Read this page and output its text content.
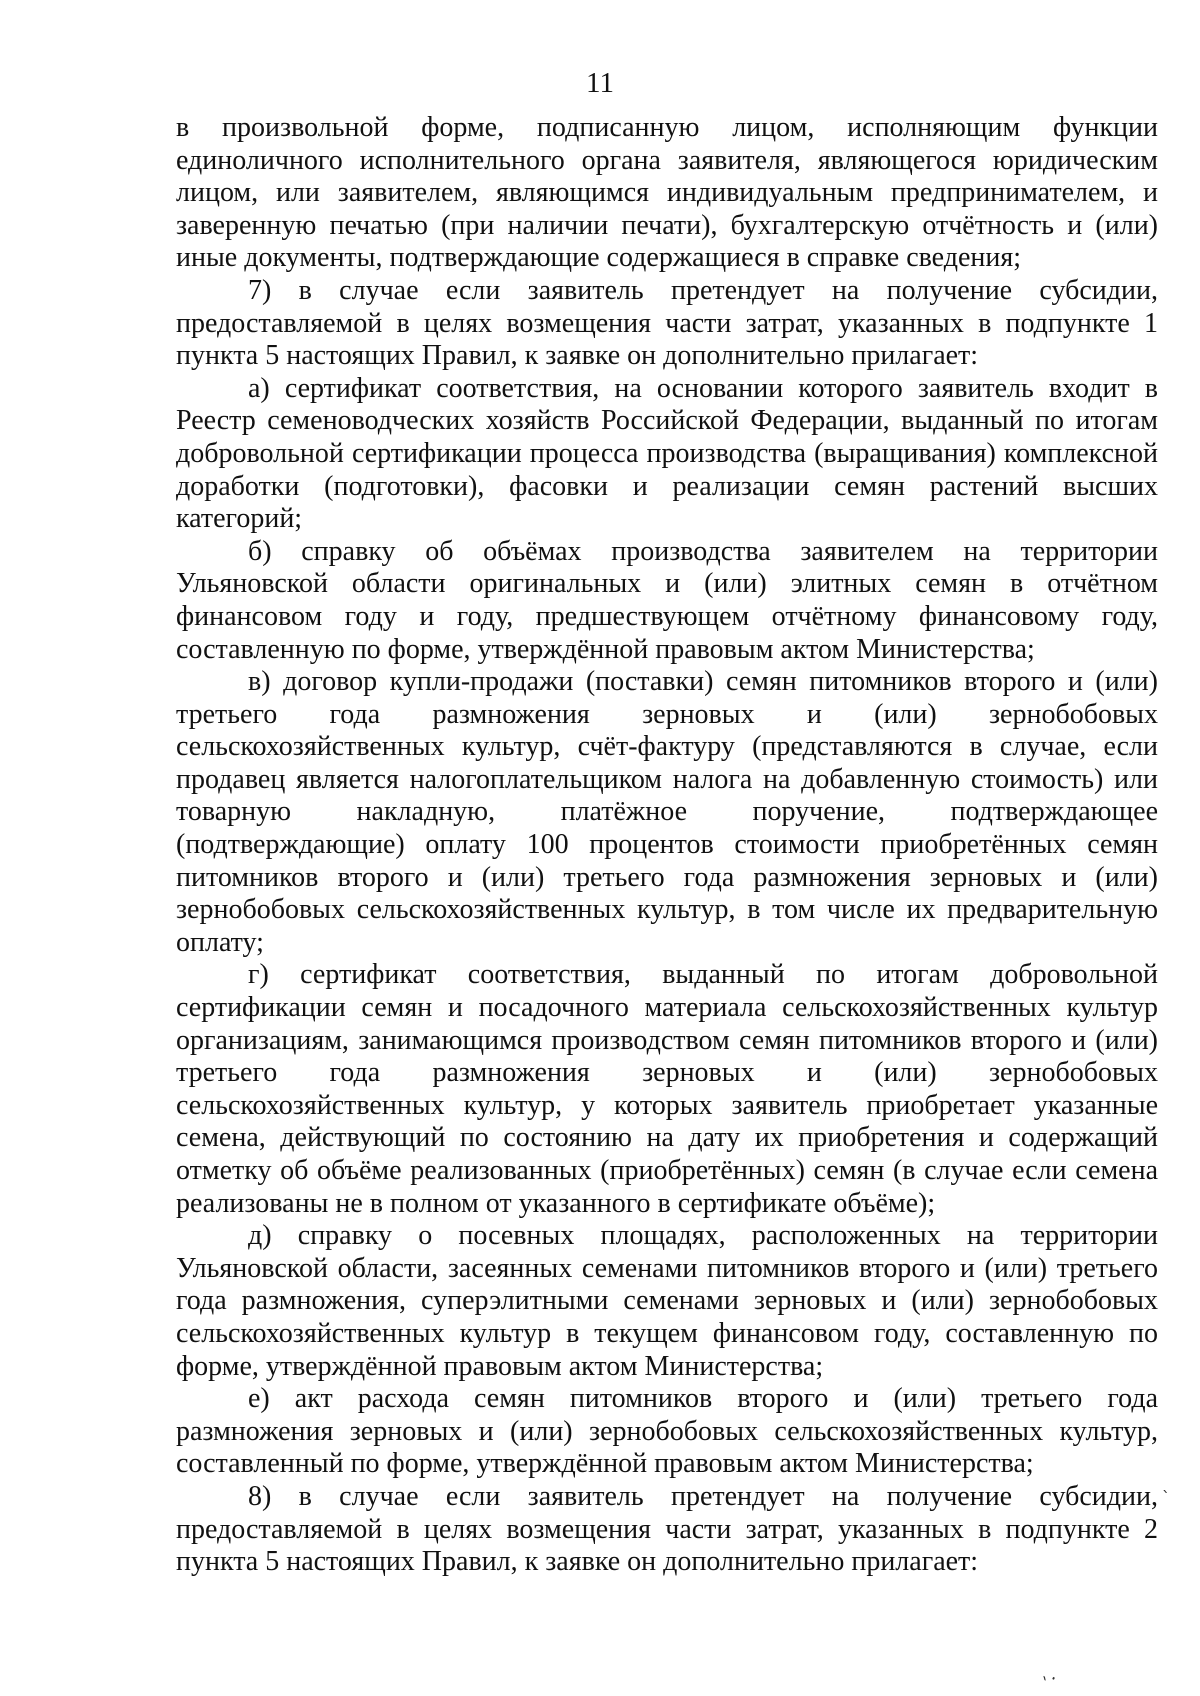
11

в произвольной форме, подписанную лицом, исполняющим функции единоличного исполнительного органа заявителя, являющегося юридическим лицом, или заявителем, являющимся индивидуальным предпринимателем, и заверенную печатью (при наличии печати), бухгалтерскую отчётность и (или) иные документы, подтверждающие содержащиеся в справке сведения;

7) в случае если заявитель претендует на получение субсидии, предоставляемой в целях возмещения части затрат, указанных в подпункте 1 пункта 5 настоящих Правил, к заявке он дополнительно прилагает:

а) сертификат соответствия, на основании которого заявитель входит в Реестр семеноводческих хозяйств Российской Федерации, выданный по итогам добровольной сертификации процесса производства (выращивания) комплексной доработки (подготовки), фасовки и реализации семян растений высших категорий;

б) справку об объёмах производства заявителем на территории Ульяновской области оригинальных и (или) элитных семян в отчётном финансовом году и году, предшествующем отчётному финансовому году, составленную по форме, утверждённой правовым актом Министерства;

в) договор купли-продажи (поставки) семян питомников второго и (или) третьего года размножения зерновых и (или) зернобобовых сельскохозяйственных культур, счёт-фактуру (представляются в случае, если продавец является налогоплательщиком налога на добавленную стоимость) или товарную накладную, платёжное поручение, подтверждающее (подтверждающие) оплату 100 процентов стоимости приобретённых семян питомников второго и (или) третьего года размножения зерновых и (или) зернобобовых сельскохозяйственных культур, в том числе их предварительную оплату;

г) сертификат соответствия, выданный по итогам добровольной сертификации семян и посадочного материала сельскохозяйственных культур организациям, занимающимся производством семян питомников второго и (или) третьего года размножения зерновых и (или) зернобобовых сельскохозяйственных культур, у которых заявитель приобретает указанные семена, действующий по состоянию на дату их приобретения и содержащий отметку об объёме реализованных (приобретённых) семян (в случае если семена реализованы не в полном от указанного в сертификате объёме);

д) справку о посевных площадях, расположенных на территории Ульяновской области, засеянных семенами питомников второго и (или) третьего года размножения, суперэлитными семенами зерновых и (или) зернобобовых сельскохозяйственных культур в текущем финансовом году, составленную по форме, утверждённой правовым актом Министерства;

е) акт расхода семян питомников второго и (или) третьего года размножения зерновых и (или) зернобобовых сельскохозяйственных культур, составленный по форме, утверждённой правовым актом Министерства;

8) в случае если заявитель претендует на получение субсидии, предоставляемой в целях возмещения части затрат, указанных в подпункте 2 пункта 5 настоящих Правил, к заявке он дополнительно прилагает:

ˋ
ˎ.
